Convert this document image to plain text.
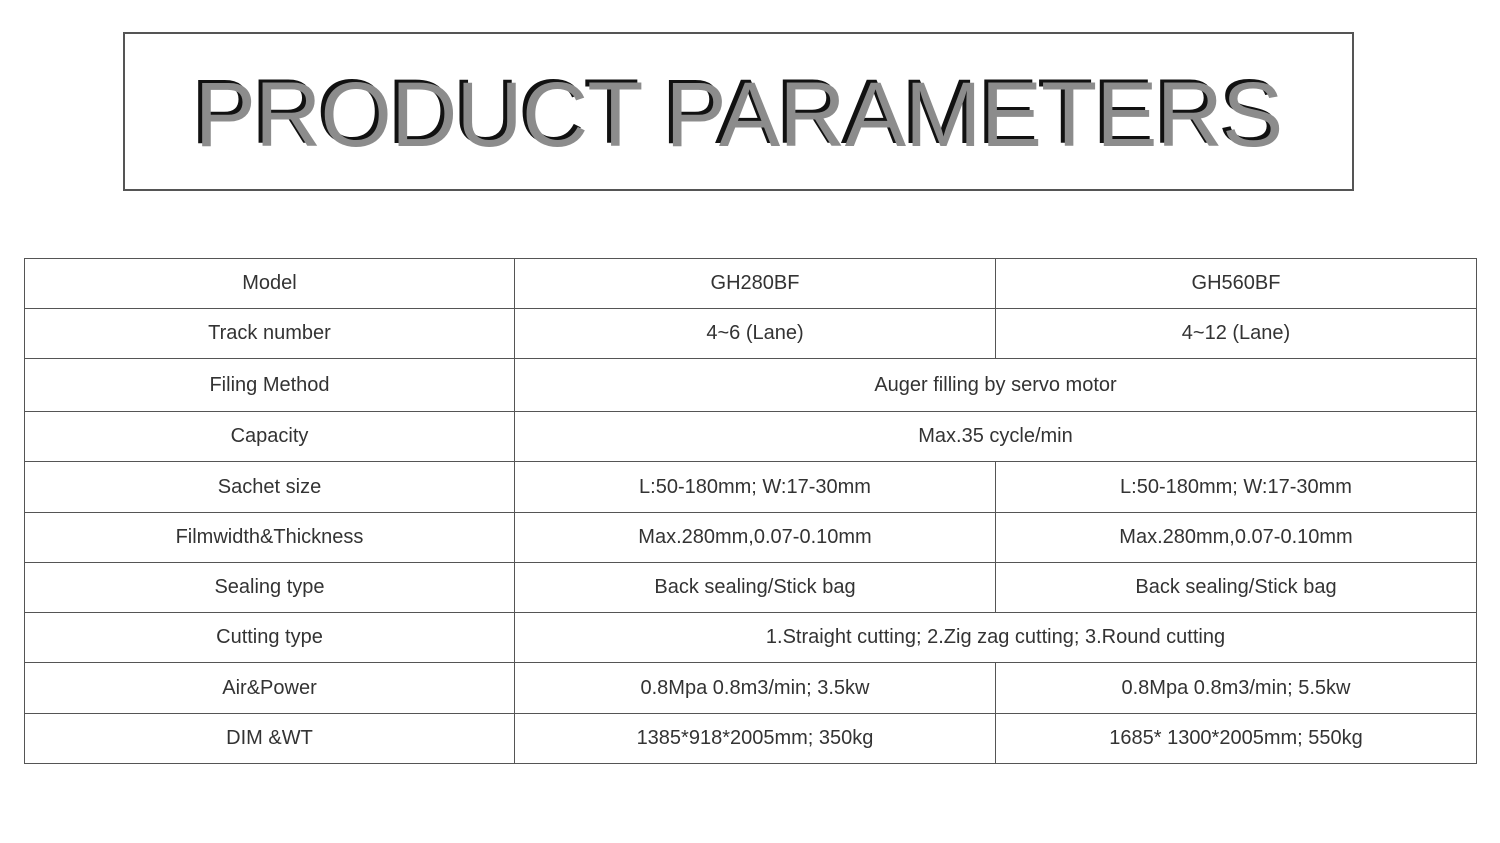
PRODUCT PARAMETERS
Model	GH280BF	GH560BF
Track number	4~6 (Lane)	4~12 (Lane)
Filing Method	Auger filling by servo motor	
Capacity	Max.35 cycle/min	
Sachet size	L:50-180mm; W:17-30mm	L:50-180mm; W:17-30mm
Filmwidth&Thickness	Max.280mm,0.07-0.10mm	Max.280mm,0.07-0.10mm
Sealing type	Back sealing/Stick bag	Back sealing/Stick bag
Cutting type	1.Straight cutting; 2.Zig zag cutting; 3.Round cutting	
Air&Power	0.8Mpa 0.8m3/min; 3.5kw	0.8Mpa 0.8m3/min; 5.5kw
DIM &WT	1385*918*2005mm; 350kg	1685* 1300*2005mm; 550kg
